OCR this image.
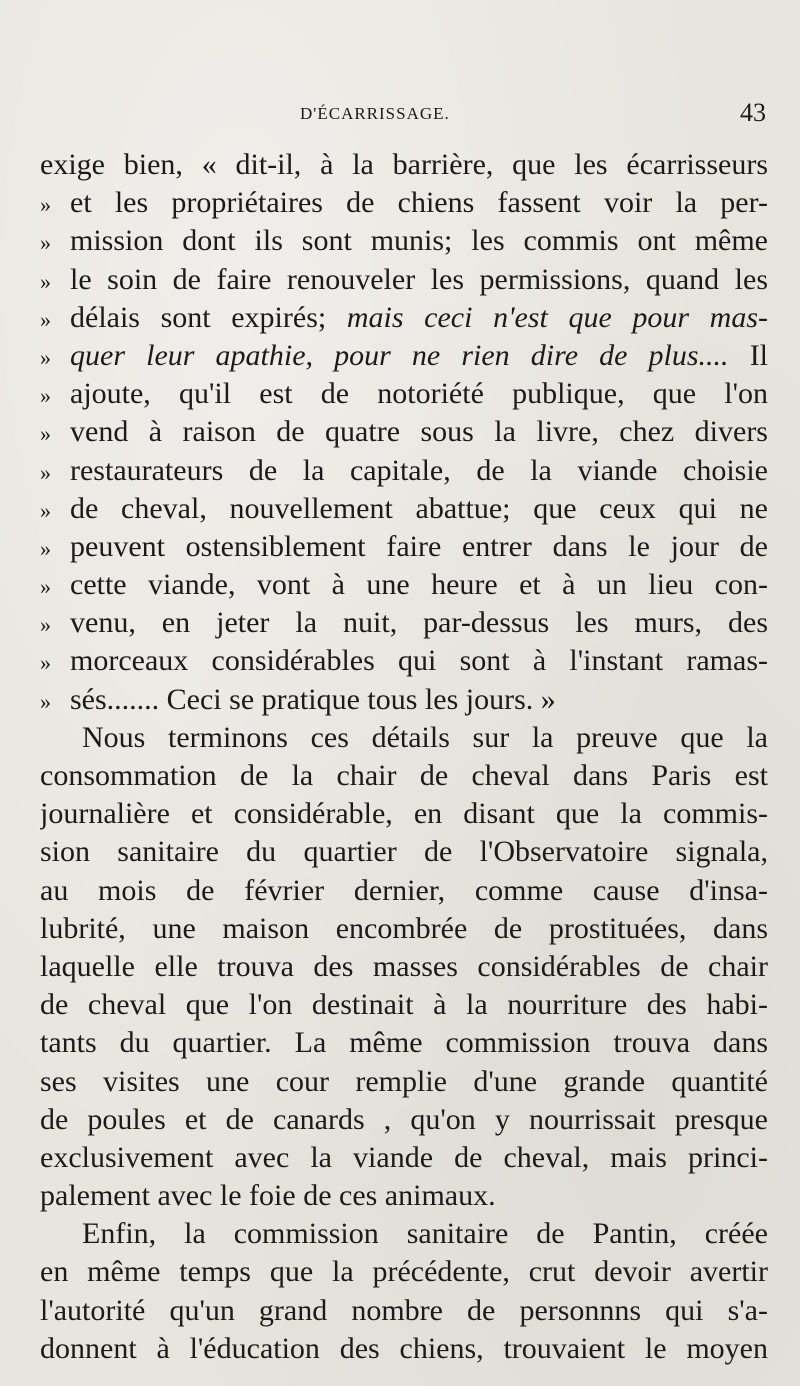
D'ÉCARRISSAGE.	43
exige bien, « dit-il, à la barrière, que les écarrisseurs
» et les propriétaires de chiens fassent voir la per-
» mission dont ils sont munis; les commis ont même
» le soin de faire renouveler les permissions, quand les
» délais sont expirés; mais ceci n'est que pour mas-
» quer leur apathie, pour ne rien dire de plus.... Il
» ajoute, qu'il est de notoriété publique, que l'on
» vend à raison de quatre sous la livre, chez divers
» restaurateurs de la capitale, de la viande choisie
» de cheval, nouvellement abattue; que ceux qui ne
» peuvent ostensiblement faire entrer dans le jour de
» cette viande, vont à une heure et à un lieu con-
» venu, en jeter la nuit, par-dessus les murs, des
» morceaux considérables qui sont à l'instant ramas-
» sés....... Ceci se pratique tous les jours. »
Nous terminons ces détails sur la preuve que la
consommation de la chair de cheval dans Paris est
journalière et considérable, en disant que la commis-
sion sanitaire du quartier de l'Observatoire signala,
au mois de février dernier, comme cause d'insa-
lubrité, une maison encombrée de prostituées, dans
laquelle elle trouva des masses considérables de chair
de cheval que l'on destinait à la nourriture des habi-
tants du quartier. La même commission trouva dans
ses visites une cour remplie d'une grande quantité
de poules et de canards , qu'on y nourrissait presque
exclusivement avec la viande de cheval, mais princi-
palement avec le foie de ces animaux.
Enfin, la commission sanitaire de Pantin, créée
en même temps que la précédente, crut devoir avertir
l'autorité qu'un grand nombre de personnns qui s'a-
donnent à l'éducation des chiens, trouvaient le moyen
